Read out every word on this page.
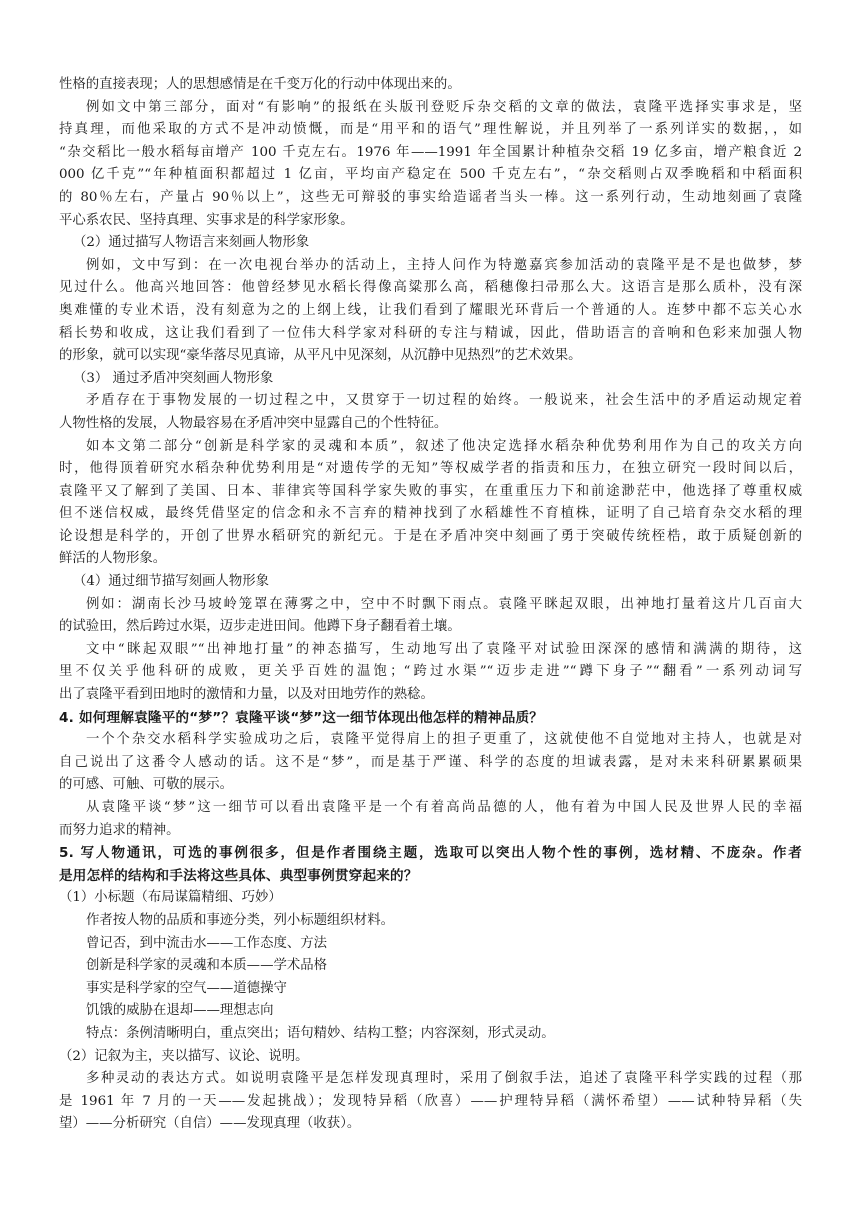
性格的直接表现；人的思想感情是在千变万化的行动中体现出来的。
例如文中第三部分，面对“有影响”的报纸在头版刊登贬斥杂交稻的文章的做法，袁隆平选择实事求是，坚
持真理，而他采取的方式不是冲动愤慨，而是“用平和的语气”理性解说，并且列举了一系列详实的数据，，如
“杂交稻比一般水稻每亩增产 100 千克左右。1976 年——1991 年全国累计种植杂交稻 19 亿多亩，增产粮食近 2
000 亿千克”“年种植面积都超过 1 亿亩，平均亩产稳定在 500 千克左右”，“杂交稻则占双季晚稻和中稻面积
的 80％左右，产量占 90％以上”，这些无可辩驳的事实给造谣者当头一棒。这一系列行动，生动地刻画了袁隆
平心系农民、坚持真理、实事求是的科学家形象。
（2）通过描写人物语言来刻画人物形象
例如，文中写到：在一次电视台举办的活动上，主持人问作为特邀嘉宾参加活动的袁隆平是不是也做梦，梦
见过什么。他高兴地回答：他曾经梦见水稻长得像高粱那么高，稻穗像扫帚那么大。这语言是那么质朴，没有深
奥难懂的专业术语，没有刻意为之的上纲上线，让我们看到了耀眼光环背后一个普通的人。连梦中都不忘关心水
稻长势和收成，这让我们看到了一位伟大科学家对科研的专注与精诚，因此，借助语言的音响和色彩来加强人物
的形象，就可以实现“豪华落尽见真谛，从平凡中见深刻，从沉静中见热烈”的艺术效果。
（3） 通过矛盾冲突刻画人物形象
矛盾存在于事物发展的一切过程之中，又贯穿于一切过程的始终。一般说来，社会生活中的矛盾运动规定着
人物性格的发展，人物最容易在矛盾冲突中显露自己的个性特征。
如本文第二部分“创新是科学家的灵魂和本质”，叙述了他决定选择水稻杂种优势利用作为自己的攻关方向
时，他得顶着研究水稻杂种优势利用是“对遗传学的无知”等权威学者的指责和压力，在独立研究一段时间以后，
袁隆平又了解到了美国、日本、菲律宾等国科学家失败的事实，在重重压力下和前途渺茫中，他选择了尊重权威
但不迷信权威，最终凭借坚定的信念和永不言弃的精神找到了水稻雄性不育植株，证明了自己培育杂交水稻的理
论设想是科学的，开创了世界水稻研究的新纪元。于是在矛盾冲突中刻画了勇于突破传统桎梏，敢于质疑创新的
鲜活的人物形象。
（4）通过细节描写刻画人物形象
例如：湖南长沙马坡岭笼罩在薄雾之中，空中不时飘下雨点。袁隆平眯起双眼，出神地打量着这片几百亩大
的试验田，然后跨过水渠，迈步走进田间。他蹲下身子翻看着土壤。
文中“眯起双眼”“出神地打量”的神态描写，生动地写出了袁隆平对试验田深深的感情和满满的期待，这
里不仅关乎他科研的成败，更关乎百姓的温饱；“跨过水渠”“迈步走进”“蹲下身子”“翻看”一系列动词写
出了袁隆平看到田地时的激情和力量，以及对田地劳作的熟稔。
4. 如何理解袁隆平的“梦”？袁隆平谈“梦”这一细节体现出他怎样的精神品质？
一个个杂交水稻科学实验成功之后，袁隆平觉得肩上的担子更重了，这就使他不自觉地对主持人，也就是对
自己说出了这番令人感动的话。这不是“梦”，而是基于严谨、科学的态度的坦诚表露，是对未来科研累累硕果
的可感、可触、可敬的展示。
从袁隆平谈“梦”这一细节可以看出袁隆平是一个有着高尚品德的人，他有着为中国人民及世界人民的幸福
而努力追求的精神。
5. 写人物通讯，可选的事例很多，但是作者围绕主题，选取可以突出人物个性的事例，选材精、不庞杂。作者
是用怎样的结构和手法将这些具体、典型事例贯穿起来的？
（1）小标题（布局谋篇精细、巧妙）
作者按人物的品质和事迹分类，列小标题组织材料。
曾记否，到中流击水——工作态度、方法
创新是科学家的灵魂和本质——学术品格
事实是科学家的空气——道德操守
饥饿的威胁在退却——理想志向
特点：条例清晰明白，重点突出；语句精妙、结构工整；内容深刻，形式灵动。
（2）记叙为主，夹以描写、议论、说明。
多种灵动的表达方式。如说明袁隆平是怎样发现真理时，采用了倒叙手法，追述了袁隆平科学实践的过程（那
是 1961 年 7 月的一天——发起挑战）；发现特异稻（欣喜）——护理特异稻（满怀希望）——试种特异稻（失
望）——分析研究（自信）——发现真理（收获）。
